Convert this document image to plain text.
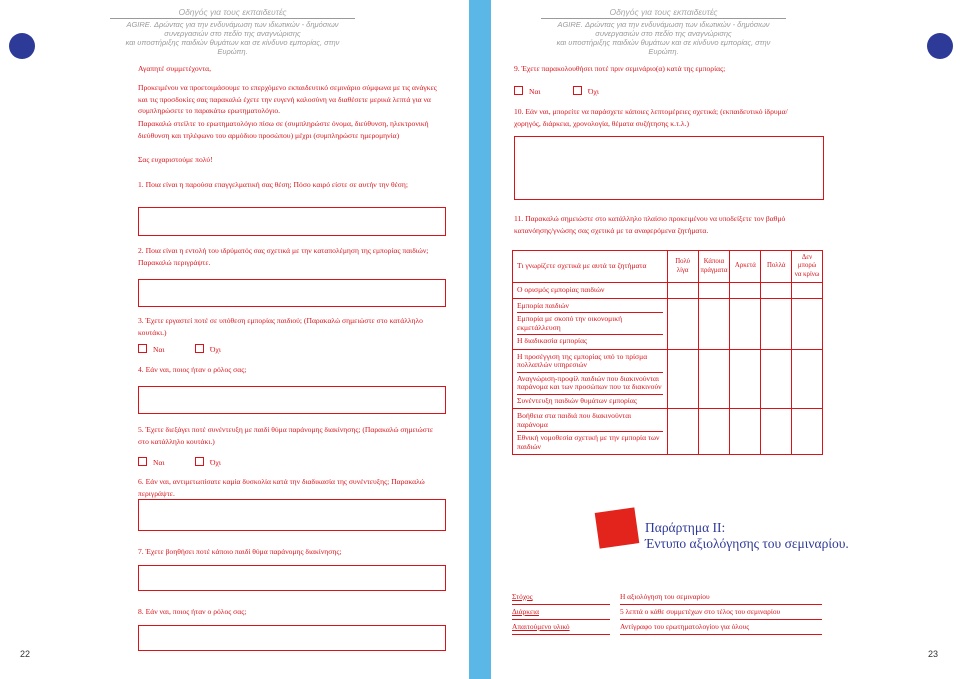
Οδηγός για τους εκπαιδευτές
AGIRE. Δρώντας για την ενδυνάμωση των ιδιωτικών - δημόσιων συνεργασιών στο πεδίο της αναγνώρισης
και υποστήριξης παιδιών θυμάτων και σε κίνδυνο εμπορίας, στην Ευρώπη.
Αγαπητέ συμμετέχοντα,
Προκειμένου να προετοιμάσουμε το επερχόμενο εκπαιδευτικό σεμινάριο σύμφωνα με τις ανάγκες και τις προσδοκίες σας παρακαλώ έχετε την ευγενή καλοσύνη να διαθέσετε μερικά λεπτά για να συμπληρώσετε το παρακάτω ερωτηματολόγιο.
Παρακαλώ στείλτε το ερωτηματολόγιο πίσω σε (συμπληρώστε όνομα, διεύθυνση, ηλεκτρονική διεύθυνση και τηλέφωνο του αρμόδιου προσώπου) μέχρι (συμπληρώστε ημερομηνία)
Σας ευχαριστούμε πολύ!
1. Ποια είναι η παρούσα επαγγελματική σας θέση; Πόσο καιρό είστε σε αυτήν την θέση;
2. Ποια είναι η εντολή του ιδρύματός σας σχετικά με την καταπολέμηση της εμπορίας παιδιών; Παρακαλώ περιγράψτε.
3. Έχετε εργαστεί ποτέ σε υπόθεση εμπορίας παιδιού; (Παρακαλώ σημειώστε στο κατάλληλο κουτάκι.)
Ναι	Όχι
4. Εάν ναι, ποιος ήταν ο ρόλος σας;
5. Έχετε διεξάγει ποτέ συνέντευξη με παιδί θύμα παράνομης διακίνησης; (Παρακαλώ σημειώστε στο κατάλληλο κουτάκι.)
Ναι	Όχι
6. Εάν ναι, αντιμετωπίσατε καμία δυσκολία κατά την διαδικασία της συνέντευξης; Παρακαλώ περιγράψτε.
7. Έχετε βοηθήσει ποτέ κάποιο παιδί θύμα παράνομης διακίνησης;
8. Εάν ναι, ποιος ήταν ο ρόλος σας;
22
Οδηγός για τους εκπαιδευτές
AGIRE. Δρώντας για την ενδυνάμωση των ιδιωτικών - δημόσιων συνεργασιών στο πεδίο της αναγνώρισης
και υποστήριξης παιδιών θυμάτων και σε κίνδυνο εμπορίας, στην Ευρώπη.
23
9. Έχετε παρακολουθήσει ποτέ πριν σεμινάριο(α) κατά της εμπορίας;
Ναι	Όχι
10. Εάν ναι, μπορείτε να παράσχετε κάποιες λεπτομέρειες σχετικά; (εκπαιδευτικό ίδρυμα/χορηγός, διάρκεια, χρονολογία, θέματα συζήτησης κ.τ.λ.)
11. Παρακαλώ σημειώστε στο κατάλληλο πλαίσιο προκειμένου να υποδείξετε τον βαθμό κατανόησης/γνώσης σας σχετικά με τα αναφερόμενα ζητήματα.
Τι γνωρίζετε σχετικά με αυτά τα ζητήματα	Πολύ λίγα	Κάποια πράγματα	Αρκετά	Πολλά	Δεν μπορώ να κρίνω
Ο ορισμός εμπορίας παιδιών					

Εμπορία παιδιών
Εμπορία με σκοπό την οικονομική εκμετάλλευση
Η διαδικασία εμπορίας					

Η προσέγγιση της εμπορίας υπό το πρίσμα πολλαπλών υπηρεσιών
Αναγνώριση-προφίλ παιδιών που διακινούνται παράνομα και των προσώπων που τα διακινούν
Συνέντευξη παιδιών θυμάτων εμπορίας					

Βοήθεια στα παιδιά που διακινούνται παράνομα
Εθνική νομοθεσία σχετική με την εμπορία των παιδιών					

Παράρτημα ΙΙ:
Έντυπο αξιολόγησης του σεμιναρίου.
Στόχος		Η αξιολόγηση του σεμιναρίου
Διάρκεια		5 λεπτά ο κάθε συμμετέχων στο τέλος του σεμιναρίου
Απαιτούμενο υλικό		Αντίγραφο του ερωτηματολογίου για όλους
